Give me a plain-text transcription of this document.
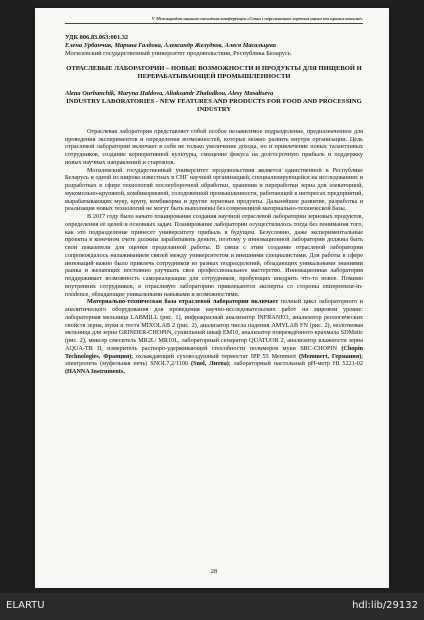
V Міжнародна науково-технічна конференція «Стан і перспективи харчової науки та промисловості»
УДК 006.83.063:001.32
Елена Урбанчик, Марина Галдова, Александр Желудков, Алеся Масальцева
Могилевский государственный университет продовольствия, Республика Беларусь
ОТРАСЛЕВЫЕ ЛАБОРАТОРИИ – НОВЫЕ ВОЗМОЖНОСТИ И ПРОДУКТЫ ДЛЯ ПИЩЕВОЙ И ПЕРЕРАБАТЫВАЮЩЕЙ ПРОМЫШЛЕННОСТИ
Alena Ourbanchik, Maryna Haldova, Aliaksandr Zhaludkou, Alesy Masaltseva
INDUSTRY LABORATORIES - NEW FEATURES AND PRODUCTS FOR FOOD AND PROCESSING INDUSTRY

Отраслевая лаборатория представляет собой особое независимое подразделение, предназначенное для проведения экспериментов и определения возможностей, которые можно развить внутри организации. Цель отраслевой лаборатории включает в себя не только увеличение дохода, но и привлечение новых талантливых сотрудников, создание корпоративной культуры, смещение фокуса на долгосрочную прибыль и поддержку новых научных направлений и стартапов.

Могилевский государственный университет продовольствия является единственной в Республике Беларусь и одной из широко известных в СНГ научной организацией, специализирующейся на исследованиях и разработках в сфере технологий послеуборочной обработки, хранения и переработки зерна для элеваторной, мукомольно-крупяной, комбикормовой, солодовенной промышленности, работающей в интересах предприятий, вырабатывающих муку, крупу, комбикорма и другие зерновые продукты. Дальнейшее развитие, разработка и реализация новых технологий не могут быть выполнены без современной материально-технической базы.

В 2017 году было начато планирование создания научной отраслевой лаборатории зерновых продуктов, определения её целей и основных задач. Планирование лаборатории осуществлялось тогда без понимания того, как это подразделение принесет университету прибыль в будущем. Безусловно, даже экспериментальные проекты в конечном счете должны зарабатывать деньги, поэтому у инновационной лаборатории должны быть свои показатели для оценки проделанной работы. В связи с этим создание отраслевой лаборатории сопровождалось налаживанием связей между университетом и внешними специалистами. Для работы в сфере инноваций важно было привлечь сотрудников из разных подразделений, обладающих уникальными знаниями рынка и желающих постоянно улучшать свое профессиональное мастерство. Инновационная лаборатория поддерживает возможность самореализации для сотрудников, пробующих внедрить что-то новое. Помимо внутренних сотрудников, в отраслевую лабораторию привлекаются эксперты со стороны entrepreneur-in-residence, обладающие уникальными навыками и возможностями.

Материально-техническая база отраслевой лаборатории включает полный цикл лабораторного и аналитического оборудования для проведения научно-исследовательских работ на мировом уровне: лабораторная мельница LABMILL (рис. 1), инфракрасный анализатор INFRANEO, анализатор реологических свойств зерна, муки и теста MIXOLAB 2 (рис. 2), анализатор числа падения AMYLAB FN (рис. 2), молотковая мельница для зерна GRINDER-CHOPIN, сушильный шкаф EM10, анализатор повреждённого крахмала SDMatic (рис. 2), миксер смеситель MR2L/ MR10L, лабораторный сепаратор QUATUOR 2, анализатор влажности зерна AQUA-TR II, измеритель растворо-удерживающей способности полимеров муки SRC-CHOPIN (Chopin Technologies, Франция); охлаждающий суховоздушный термостат IPP 55 Memmert (Memmert, Германия); электропечь (муфельная печь) SNOL7,2/1100 (Snol, Литва); лабораторный настольный pH-метр HI 5221-02 (HANNA Instruments,

28
ELARTU	hdl:lib/29132
